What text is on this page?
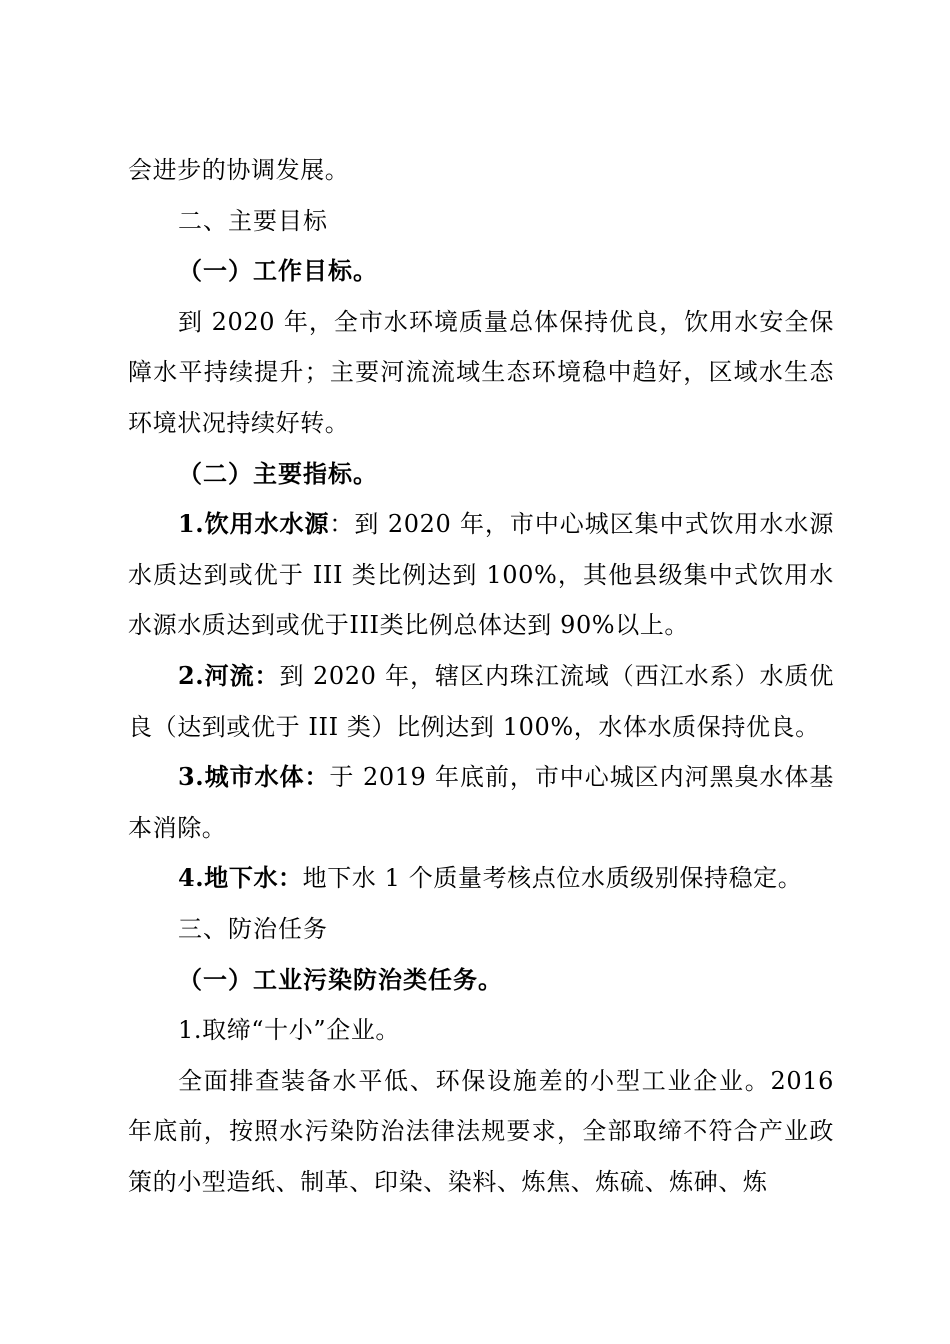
会进步的协调发展。

二、主要目标

（一）工作目标。

到 2020 年，全市水环境质量总体保持优良，饮用水安全保障水平持续提升；主要河流流域生态环境稳中趋好，区域水生态环境状况持续好转。

（二）主要指标。

1.饮用水水源：到 2020 年，市中心城区集中式饮用水水源水质达到或优于 III 类比例达到 100%，其他县级集中式饮用水水源水质达到或优于III类比例总体达到 90%以上。

2.河流：到 2020 年，辖区内珠江流域（西江水系）水质优良（达到或优于 III 类）比例达到 100%，水体水质保持优良。

3.城市水体：于 2019 年底前，市中心城区内河黑臭水体基本消除。

4.地下水：地下水 1 个质量考核点位水质级别保持稳定。

三、防治任务

（一）工业污染防治类任务。

1.取缔“十小”企业。

全面排查装备水平低、环保设施差的小型工业企业。2016 年底前，按照水污染防治法律法规要求，全部取缔不符合产业政策的小型造纸、制革、印染、染料、炼焦、炼硫、炼砷、炼
